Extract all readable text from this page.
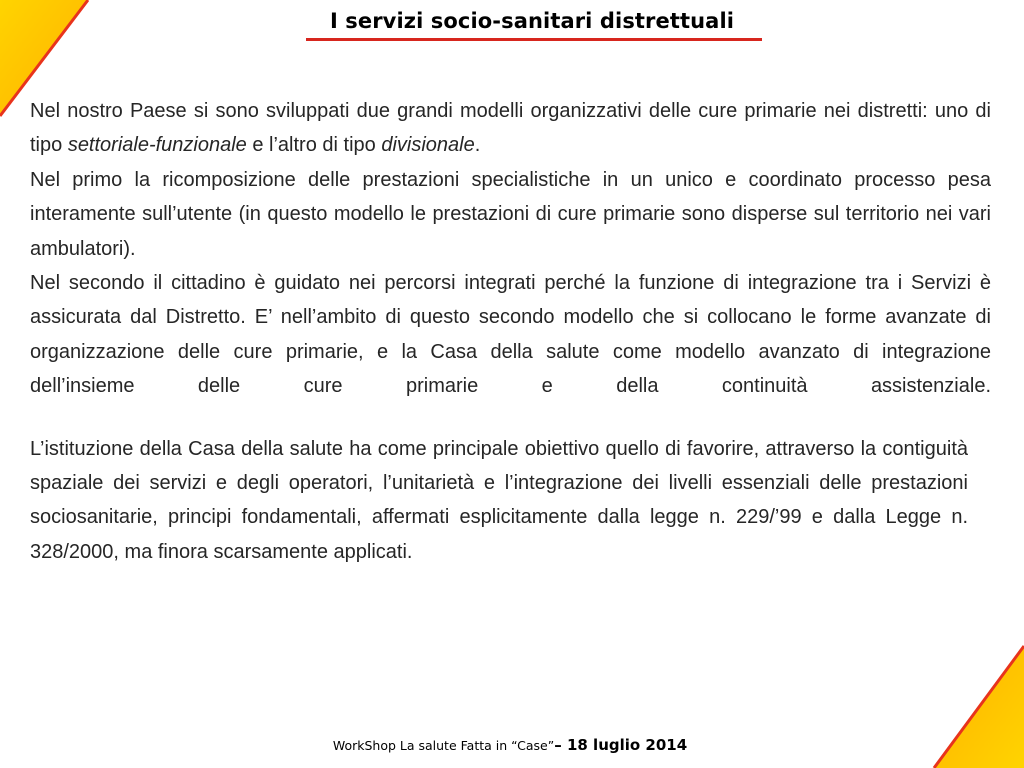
I servizi socio-sanitari distrettuali

Nel nostro Paese si sono sviluppati due grandi modelli organizzativi delle cure primarie nei distretti: uno di tipo settoriale-funzionale e l’altro di tipo divisionale.

Nel primo la ricomposizione delle prestazioni specialistiche in un unico e coordinato processo pesa interamente sull’utente (in questo modello le prestazioni di cure primarie sono disperse sul territorio nei vari ambulatori).

Nel secondo il cittadino è guidato nei percorsi integrati perché la funzione di integrazione tra i Servizi è assicurata dal Distretto. E’ nell’ambito di questo secondo modello che si collocano le forme avanzate di organizzazione delle cure primarie, e la Casa della salute come modello avanzato di integrazione dell’insieme delle cure primarie e della continuità assistenziale.

L’istituzione della Casa della salute ha come principale obiettivo quello di favorire, attraverso la contiguità spaziale dei servizi e degli operatori, l’unitarietà e l’integrazione dei livelli essenziali delle prestazioni sociosanitarie, principi fondamentali, affermati esplicitamente dalla legge n. 229/’99 e dalla Legge n. 328/2000, ma finora scarsamente applicati.

WorkShop La salute Fatta in “Case”– 18 luglio 2014
